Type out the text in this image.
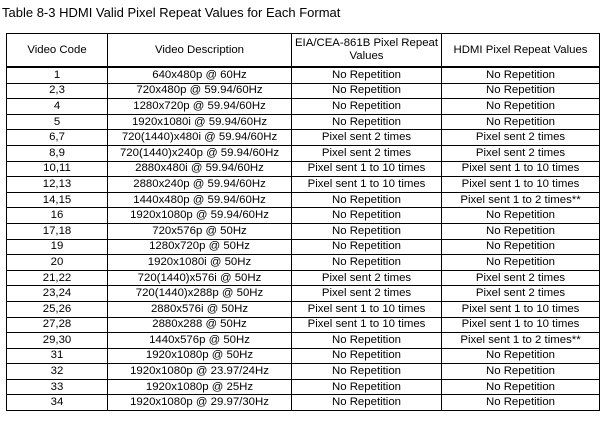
Table 8-3 HDMI Valid Pixel Repeat Values for Each Format
Video Code	Video Description	EIA/CEA-861B Pixel Repeat Values	HDMI Pixel Repeat Values
1	640x480p @ 60Hz	No Repetition	No Repetition
2,3	720x480p @ 59.94/60Hz	No Repetition	No Repetition
4	1280x720p @ 59.94/60Hz	No Repetition	No Repetition
5	1920x1080i @ 59.94/60Hz	No Repetition	No Repetition
6,7	720(1440)x480i @ 59.94/60Hz	Pixel sent 2 times	Pixel sent 2 times
8,9	720(1440)x240p @ 59.94/60Hz	Pixel sent 2 times	Pixel sent 2 times
10,11	2880x480i @ 59.94/60Hz	Pixel sent 1 to 10 times	Pixel sent 1 to 10 times
12,13	2880x240p @ 59.94/60Hz	Pixel sent 1 to 10 times	Pixel sent 1 to 10 times
14,15	1440x480p @ 59.94/60Hz	No Repetition	Pixel sent 1 to 2 times**
16	1920x1080p @ 59.94/60Hz	No Repetition	No Repetition
17,18	720x576p @ 50Hz	No Repetition	No Repetition
19	1280x720p @ 50Hz	No Repetition	No Repetition
20	1920x1080i @ 50Hz	No Repetition	No Repetition
21,22	720(1440)x576i @ 50Hz	Pixel sent 2 times	Pixel sent 2 times
23,24	720(1440)x288p @ 50Hz	Pixel sent 2 times	Pixel sent 2 times
25,26	2880x576i @ 50Hz	Pixel sent 1 to 10 times	Pixel sent 1 to 10 times
27,28	2880x288 @ 50Hz	Pixel sent 1 to 10 times	Pixel sent 1 to 10 times
29,30	1440x576p @ 50Hz	No Repetition	Pixel sent 1 to 2 times**
31	1920x1080p @ 50Hz	No Repetition	No Repetition
32	1920x1080p @ 23.97/24Hz	No Repetition	No Repetition
33	1920x1080p @ 25Hz	No Repetition	No Repetition
34	1920x1080p @ 29.97/30Hz	No Repetition	No Repetition
